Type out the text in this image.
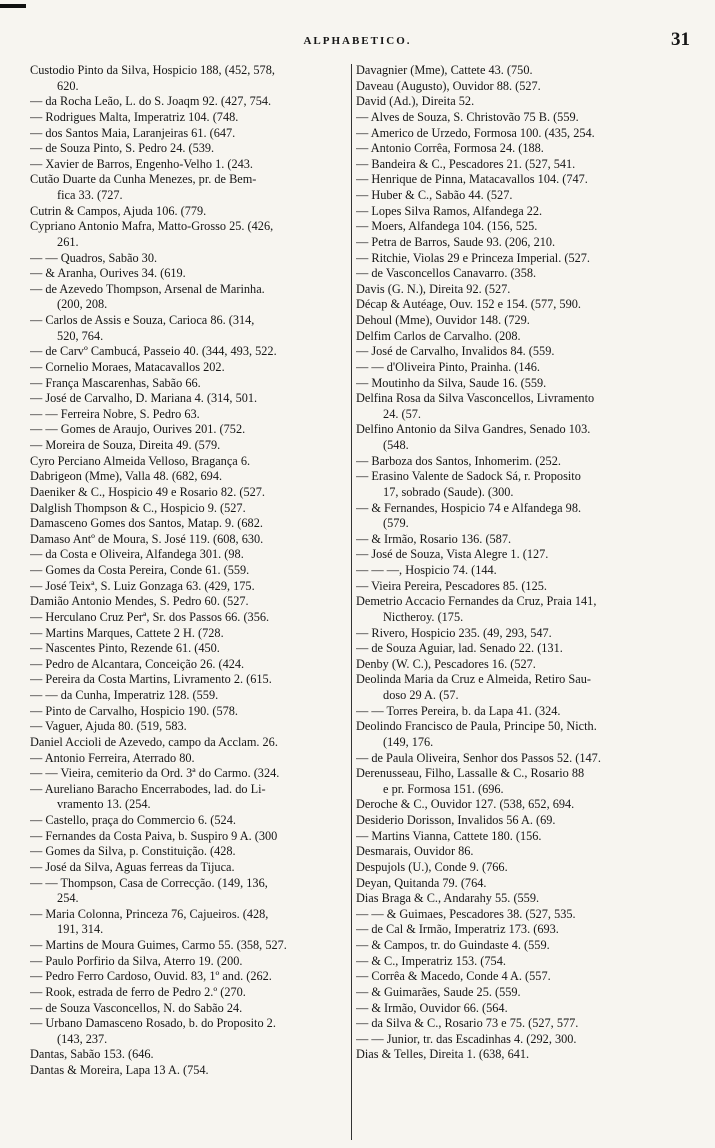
ALPHABETICO.	31
Custodio Pinto da Silva, Hospicio 188, (452, 578,
620.
— da Rocha Leão, L. do S. Joaqm 92. (427, 754.
— Rodrigues Malta, Imperatriz 104. (748.
— dos Santos Maia, Laranjeiras 61. (647.
— de Souza Pinto, S. Pedro 24. (539.
— Xavier de Barros, Engenho-Velho 1. (243.
Cutão Duarte da Cunha Menezes, pr. de Bem-
fica 33. (727.
Cutrin & Campos, Ajuda 106. (779.
Cypriano Antonio Mafra, Matto-Grosso 25. (426,
261.
— — Quadros, Sabão 30.
— & Aranha, Ourives 34. (619.
— de Azevedo Thompson, Arsenal de Marinha.
(200, 208.
— Carlos de Assis e Souza, Carioca 86. (314,
520, 764.
— de Carvº Cambucá, Passeio 40. (344, 493, 522.
— Cornelio Moraes, Matacavallos 202.
— França Mascarenhas, Sabão 66.
— José de Carvalho, D. Mariana 4. (314, 501.
— — Ferreira Nobre, S. Pedro 63.
— — Gomes de Araujo, Ourives 201. (752.
— Moreira de Souza, Direita 49. (579.
Cyro Perciano Almeida Velloso, Bragança 6.
Dabrigeon (Mme), Valla 48. (682, 694.
Daeniker & C., Hospicio 49 e Rosario 82. (527.
Dalglish Thompson & C., Hospicio 9. (527.
Damasceno Gomes dos Santos, Matap. 9. (682.
Damaso Antº de Moura, S. José 119. (608, 630.
— da Costa e Oliveira, Alfandega 301. (98.
— Gomes da Costa Pereira, Conde 61. (559.
— José Teixª, S. Luiz Gonzaga 63. (429, 175.
Damião Antonio Mendes, S. Pedro 60. (527.
— Herculano Cruz Perª, Sr. dos Passos 66. (356.
— Martins Marques, Cattete 2 H. (728.
— Nascentes Pinto, Rezende 61. (450.
— Pedro de Alcantara, Conceição 26. (424.
— Pereira da Costa Martins, Livramento 2. (615.
— — da Cunha, Imperatriz 128. (559.
— Pinto de Carvalho, Hospicio 190. (578.
— Vaguer, Ajuda 80. (519, 583.
Daniel Accioli de Azevedo, campo da Acclam. 26.
— Antonio Ferreira, Aterrado 80.
— — Vieira, cemiterio da Ord. 3ª do Carmo. (324.
— Aureliano Baracho Encerrabodes, lad. do Li-
vramento 13. (254.
— Castello, praça do Commercio 6. (524.
— Fernandes da Costa Paiva, b. Suspiro 9 A. (300
— Gomes da Silva, p. Constituição. (428.
— José da Silva, Aguas ferreas da Tijuca.
— — Thompson, Casa de Correcção. (149, 136,
254.
— Maria Colonna, Princeza 76, Cajueiros. (428,
191, 314.
— Martins de Moura Guimes, Carmo 55. (358, 527.
— Paulo Porfirio da Silva, Aterro 19. (200.
— Pedro Ferro Cardoso, Ouvid. 83, 1º and. (262.
— Rook, estrada de ferro de Pedro 2.º (270.
— de Souza Vasconcellos, N. do Sabão 24.
— Urbano Damasceno Rosado, b. do Proposito 2.
(143, 237.
Dantas, Sabão 153. (646.
Dantas & Moreira, Lapa 13 A. (754.
Davagnier (Mme), Cattete 43. (750.
Daveau (Augusto), Ouvidor 88. (527.
David (Ad.), Direita 52.
— Alves de Souza, S. Christovão 75 B. (559.
— Americo de Urzedo, Formosa 100. (435, 254.
— Antonio Corrêa, Formosa 24. (188.
— Bandeira & C., Pescadores 21. (527, 541.
— Henrique de Pinna, Matacavallos 104. (747.
— Huber & C., Sabão 44. (527.
— Lopes Silva Ramos, Alfandega 22.
— Moers, Alfandega 104. (156, 525.
— Petra de Barros, Saude 93. (206, 210.
— Ritchie, Violas 29 e Princeza Imperial. (527.
— de Vasconcellos Canavarro. (358.
Davis (G. N.), Direita 92. (527.
Décap & Autéage, Ouv. 152 e 154. (577, 590.
Dehoul (Mme), Ouvidor 148. (729.
Delfim Carlos de Carvalho. (208.
— José de Carvalho, Invalidos 84. (559.
— — d'Oliveira Pinto, Prainha. (146.
— Moutinho da Silva, Saude 16. (559.
Delfina Rosa da Silva Vasconcellos, Livramento
24. (57.
Delfino Antonio da Silva Gandres, Senado 103.
(548.
— Barboza dos Santos, Inhomerim. (252.
— Erasino Valente de Sadock Sá, r. Proposito
17, sobrado (Saude). (300.
— & Fernandes, Hospicio 74 e Alfandega 98.
(579.
— & Irmão, Rosario 136. (587.
— José de Souza, Vista Alegre 1. (127.
— — —, Hospicio 74. (144.
— Vieira Pereira, Pescadores 85. (125.
Demetrio Accacio Fernandes da Cruz, Praia 141,
Nictheroy. (175.
— Rivero, Hospicio 235. (49, 293, 547.
— de Souza Aguiar, lad. Senado 22. (131.
Denby (W. C.), Pescadores 16. (527.
Deolinda Maria da Cruz e Almeida, Retiro Sau-
doso 29 A. (57.
— — Torres Pereira, b. da Lapa 41. (324.
Deolindo Francisco de Paula, Principe 50, Nicth.
(149, 176.
— de Paula Oliveira, Senhor dos Passos 52. (147.
Derenusseau, Filho, Lassalle & C., Rosario 88
e pr. Formosa 151. (696.
Deroche & C., Ouvidor 127. (538, 652, 694.
Desiderio Dorisson, Invalidos 56 A. (69.
— Martins Vianna, Cattete 180. (156.
Desmarais, Ouvidor 86.
Despujols (U.), Conde 9. (766.
Deyan, Quitanda 79. (764.
Dias Braga & C., Andarahy 55. (559.
— — & Guimaes, Pescadores 38. (527, 535.
— de Cal & Irmão, Imperatriz 173. (693.
— & Campos, tr. do Guindaste 4. (559.
— & C., Imperatriz 153. (754.
— Corrêa & Macedo, Conde 4 A. (557.
— & Guimarães, Saude 25. (559.
— & Irmão, Ouvidor 66. (564.
— da Silva & C., Rosario 73 e 75. (527, 577.
— — Junior, tr. das Escadinhas 4. (292, 300.
Dias & Telles, Direita 1. (638, 641.
